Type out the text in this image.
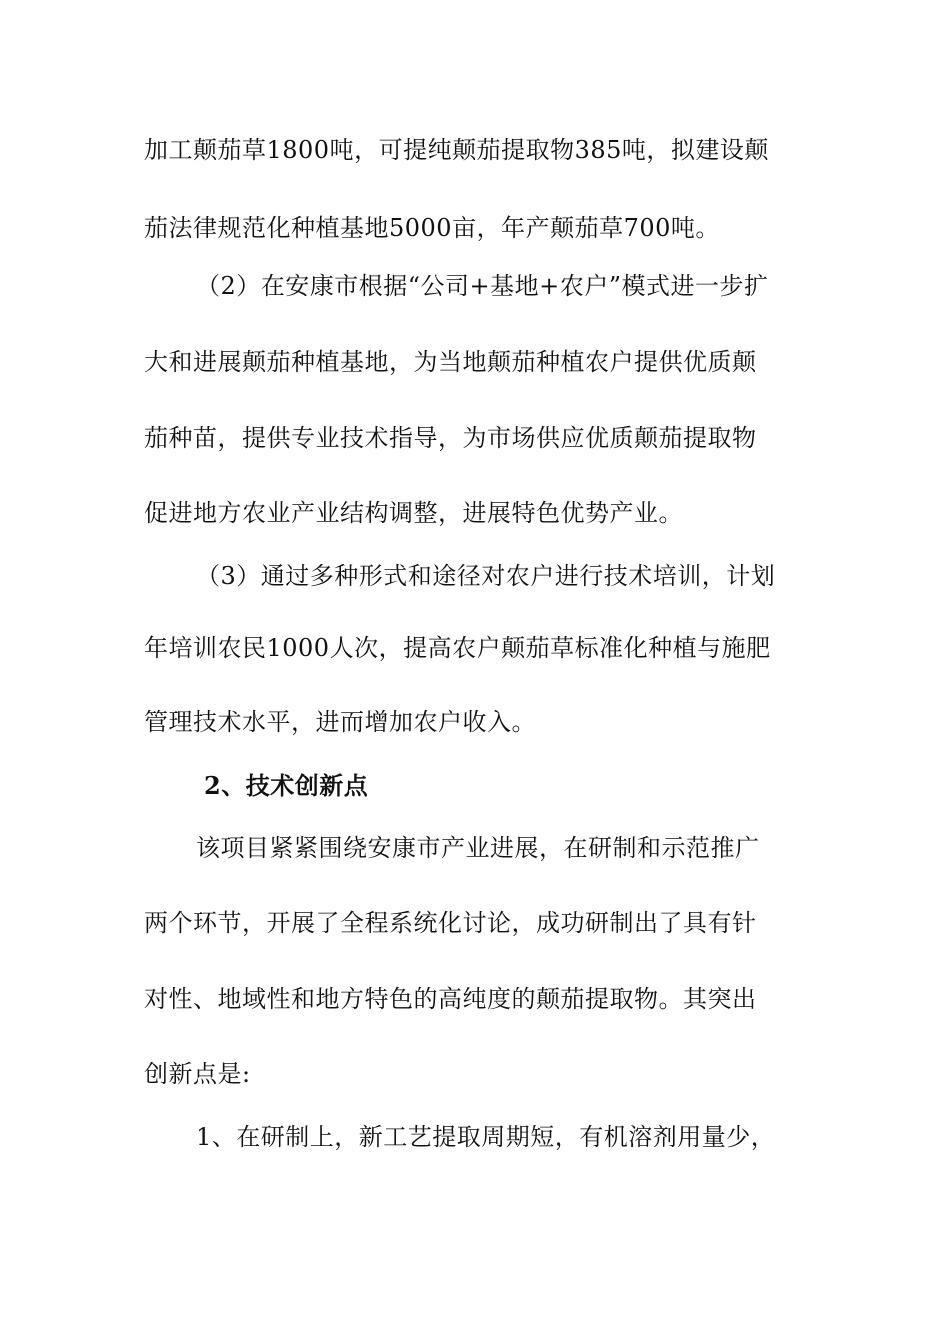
加工颠茄草1800吨，可提纯颠茄提取物385吨，拟建设颠
茄法律规范化种植基地5000亩，年产颠茄草700吨。
（2）在安康市根据“公司+基地+农户”模式进一步扩
大和进展颠茄种植基地，为当地颠茄种植农户提供优质颠
茄种苗，提供专业技术指导，为市场供应优质颠茄提取物
促进地方农业产业结构调整，进展特色优势产业。
（3）通过多种形式和途径对农户进行技术培训，计划
年培训农民1000人次，提高农户颠茄草标准化种植与施肥
管理技术水平，进而增加农户收入。
2、技术创新点
该项目紧紧围绕安康市产业进展，在研制和示范推广
两个环节，开展了全程系统化讨论，成功研制出了具有针
对性、地域性和地方特色的高纯度的颠茄提取物。其突出
创新点是:
1、在研制上，新工艺提取周期短，有机溶剂用量少，
